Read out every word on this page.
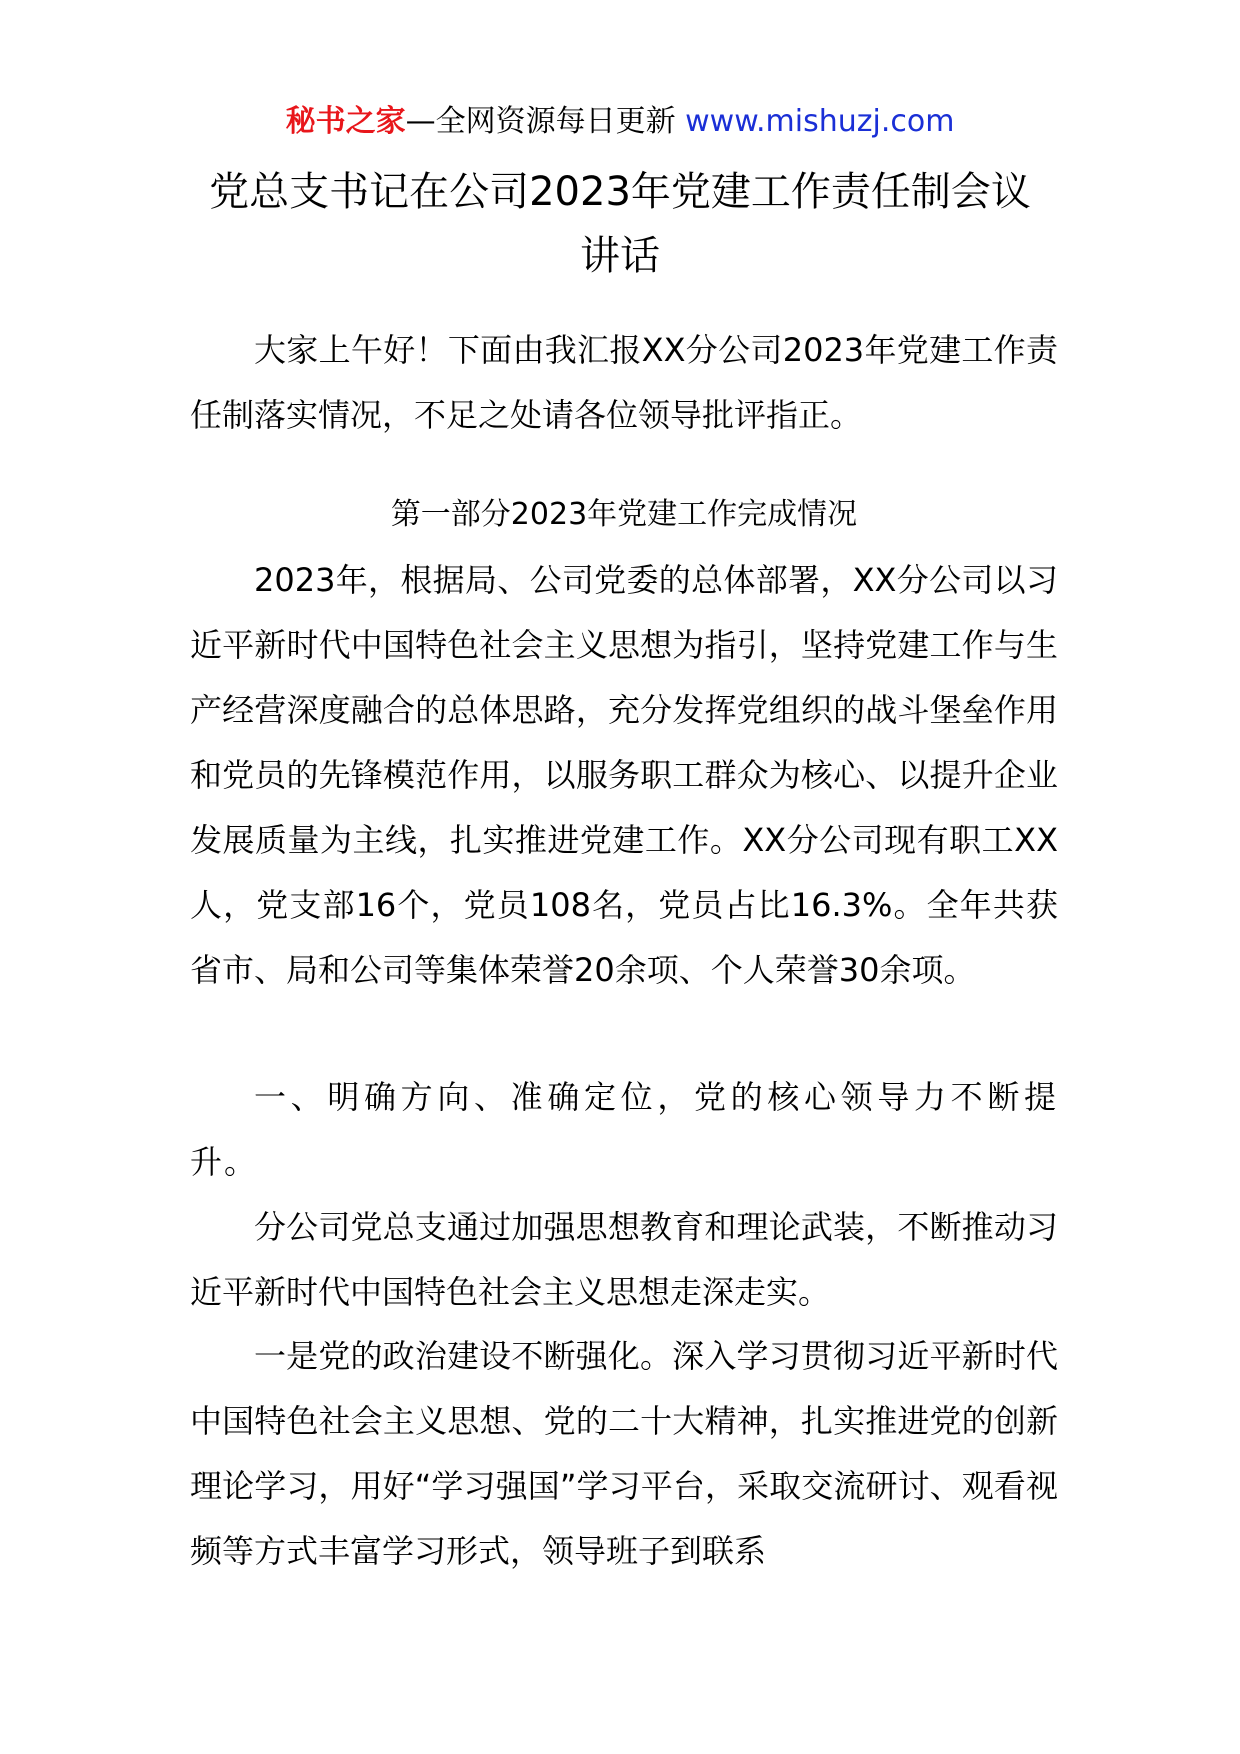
秘书之家—全网资源每日更新 www.mishuzj.com
党总支书记在公司2023年党建工作责任制会议讲话

大家上午好！下面由我汇报XX分公司2023年党建工作责任制落实情况，不足之处请各位领导批评指正。

第一部分2023年党建工作完成情况

2023年，根据局、公司党委的总体部署，XX分公司以习近平新时代中国特色社会主义思想为指引，坚持党建工作与生产经营深度融合的总体思路，充分发挥党组织的战斗堡垒作用和党员的先锋模范作用，以服务职工群众为核心、以提升企业发展质量为主线，扎实推进党建工作。XX分公司现有职工XX人，党支部16个，党员108名，党员占比16.3%。全年共获省市、局和公司等集体荣誉20余项、个人荣誉30余项。

一、明确方向、准确定位，党的核心领导力不断提升。

分公司党总支通过加强思想教育和理论武装，不断推动习近平新时代中国特色社会主义思想走深走实。

一是党的政治建设不断强化。深入学习贯彻习近平新时代中国特色社会主义思想、党的二十大精神，扎实推进党的创新理论学习，用好“学习强国”学习平台，采取交流研讨、观看视频等方式丰富学习形式，领导班子到联系
